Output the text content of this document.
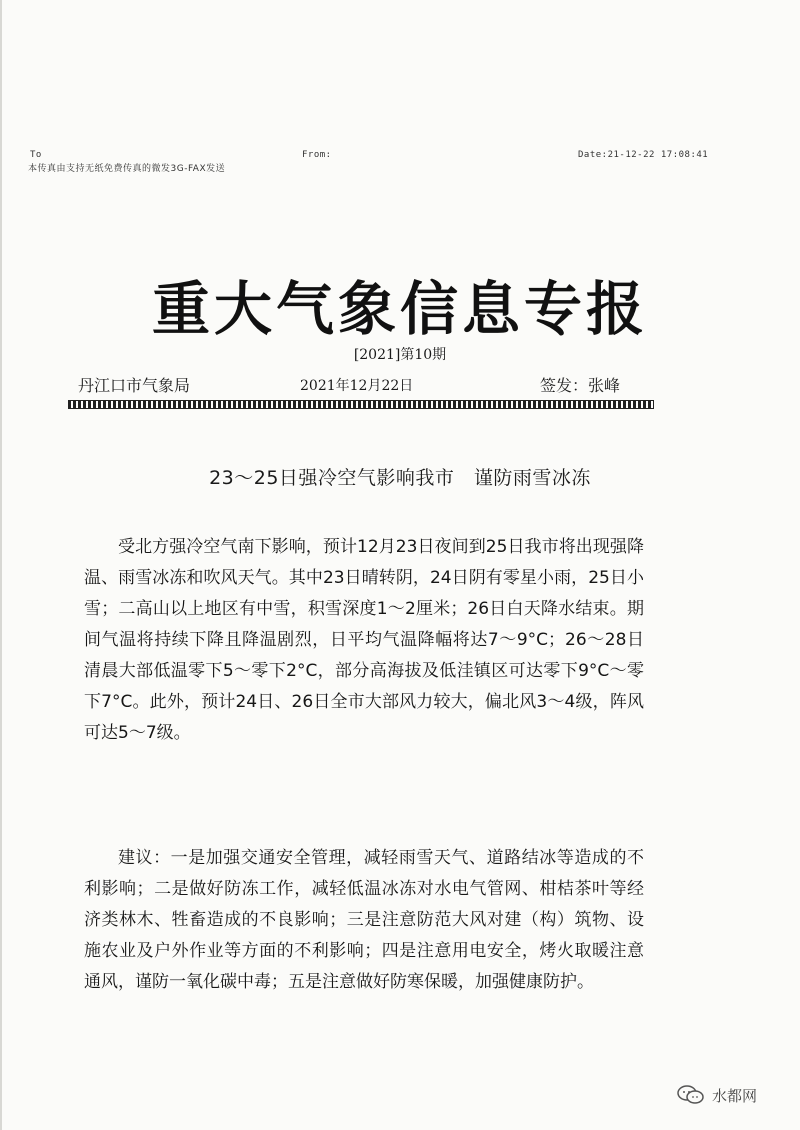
To
本传真由支持无纸免费传真的微发3G-FAX发送
From:	Date:21-12-22 17:08:41
重大气象信息专报
[2021]第10期
丹江口市气象局	2021年12月22日	签发：张峰
23～25日强冷空气影响我市　谨防雨雪冰冻

受北方强冷空气南下影响，预计12月23日夜间到25日我市将出现强降温、雨雪冰冻和吹风天气。其中23日晴转阴，24日阴有零星小雨，25日小雪；二高山以上地区有中雪，积雪深度1～2厘米；26日白天降水结束。期间气温将持续下降且降温剧烈，日平均气温降幅将达7～9°C；26～28日清晨大部低温零下5～零下2°C，部分高海拔及低洼镇区可达零下9°C～零下7°C。此外，预计24日、26日全市大部风力较大，偏北风3～4级，阵风可达5～7级。

建议：一是加强交通安全管理，减轻雨雪天气、道路结冰等造成的不利影响；二是做好防冻工作，减轻低温冰冻对水电气管网、柑桔茶叶等经济类林木、牲畜造成的不良影响；三是注意防范大风对建（构）筑物、设施农业及户外作业等方面的不利影响；四是注意用电安全，烤火取暖注意通风，谨防一氧化碳中毒；五是注意做好防寒保暖，加强健康防护。

水都网
